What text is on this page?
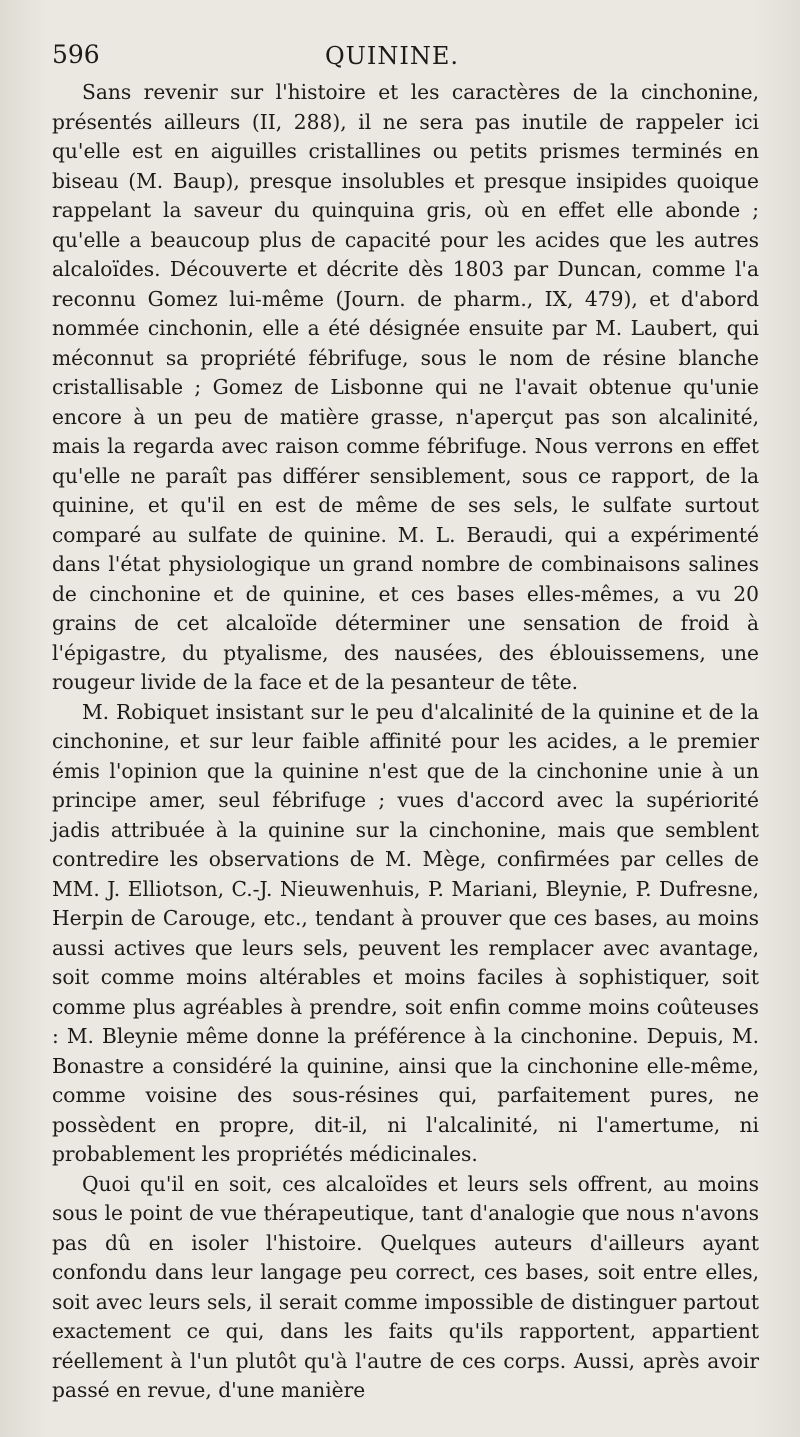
596	QUININE.

Sans revenir sur l'histoire et les caractères de la cinchonine, présentés ailleurs (II, 288), il ne sera pas inutile de rappeler ici qu'elle est en aiguilles cristallines ou petits prismes terminés en biseau (M. Baup), presque insolubles et presque insipides quoique rappelant la saveur du quinquina gris, où en effet elle abonde ; qu'elle a beaucoup plus de capacité pour les acides que les autres alcaloïdes. Découverte et décrite dès 1803 par Duncan, comme l'a reconnu Gomez lui-même (Journ. de pharm., IX, 479), et d'abord nommée cinchonin, elle a été désignée ensuite par M. Laubert, qui méconnut sa propriété fébrifuge, sous le nom de résine blanche cristallisable ; Gomez de Lisbonne qui ne l'avait obtenue qu'unie encore à un peu de matière grasse, n'aperçut pas son alcalinité, mais la regarda avec raison comme fébrifuge. Nous verrons en effet qu'elle ne paraît pas différer sensiblement, sous ce rapport, de la quinine, et qu'il en est de même de ses sels, le sulfate surtout comparé au sulfate de quinine. M. L. Beraudi, qui a expérimenté dans l'état physiologique un grand nombre de combinaisons salines de cinchonine et de quinine, et ces bases elles-mêmes, a vu 20 grains de cet alcaloïde déterminer une sensation de froid à l'épigastre, du ptyalisme, des nausées, des éblouissemens, une rougeur livide de la face et de la pesanteur de tête.

M. Robiquet insistant sur le peu d'alcalinité de la quinine et de la cinchonine, et sur leur faible affinité pour les acides, a le premier émis l'opinion que la quinine n'est que de la cinchonine unie à un principe amer, seul fébrifuge ; vues d'accord avec la supériorité jadis attribuée à la quinine sur la cinchonine, mais que semblent contredire les observations de M. Mège, confirmées par celles de MM. J. Elliotson, C.-J. Nieuwenhuis, P. Mariani, Bleynie, P. Dufresne, Herpin de Carouge, etc., tendant à prouver que ces bases, au moins aussi actives que leurs sels, peuvent les remplacer avec avantage, soit comme moins altérables et moins faciles à sophistiquer, soit comme plus agréables à prendre, soit enfin comme moins coûteuses : M. Bleynie même donne la préférence à la cinchonine. Depuis, M. Bonastre a considéré la quinine, ainsi que la cinchonine elle-même, comme voisine des sous-résines qui, parfaitement pures, ne possèdent en propre, dit-il, ni l'alcalinité, ni l'amertume, ni probablement les propriétés médicinales.

Quoi qu'il en soit, ces alcaloïdes et leurs sels offrent, au moins sous le point de vue thérapeutique, tant d'analogie que nous n'avons pas dû en isoler l'histoire. Quelques auteurs d'ailleurs ayant confondu dans leur langage peu correct, ces bases, soit entre elles, soit avec leurs sels, il serait comme impossible de distinguer partout exactement ce qui, dans les faits qu'ils rapportent, appartient réellement à l'un plutôt qu'à l'autre de ces corps. Aussi, après avoir passé en revue, d'une manière
